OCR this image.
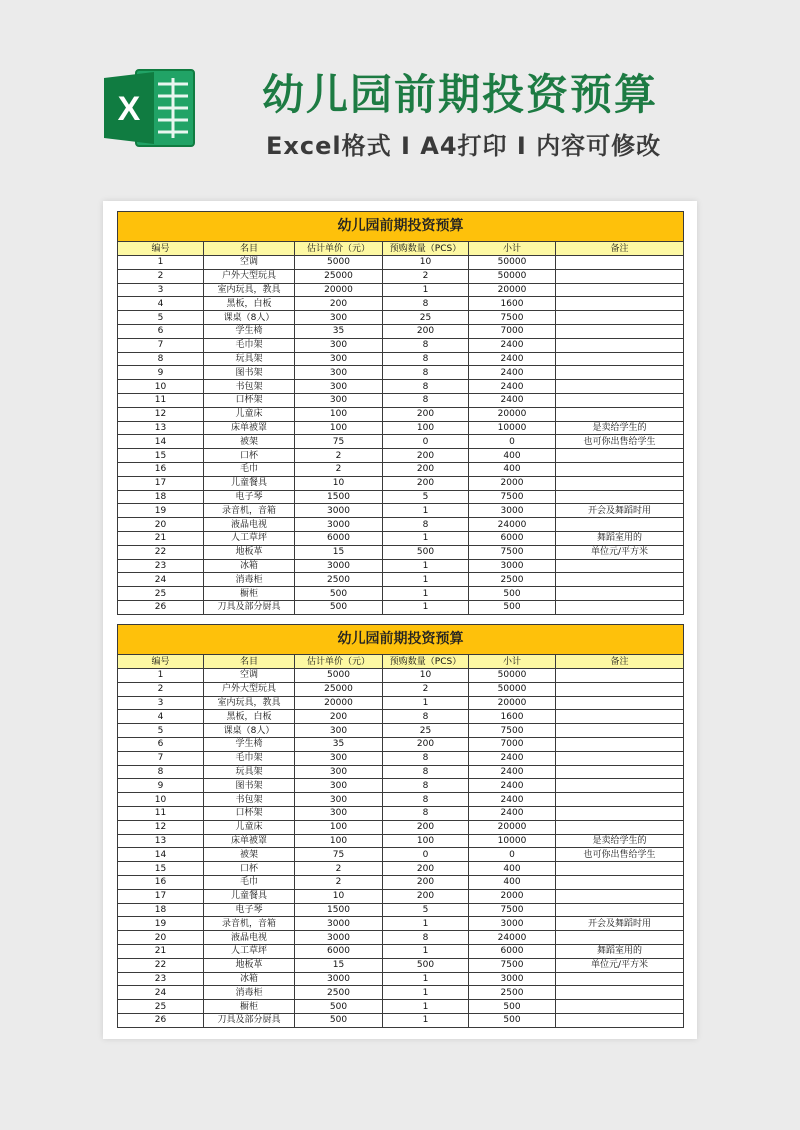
X	幼儿园前期投资预算
Excel格式 I A4打印 I 内容可修改
幼儿园前期投资预算					
编号	名目	估计单价（元）	预购数量（PCS）	小计	备注
1	空调	5000	10	50000	
2	户外大型玩具	25000	2	50000	
3	室内玩具，教具	20000	1	20000	
4	黑板，白板	200	8	1600	
5	课桌（8人）	300	25	7500	
6	学生椅	35	200	7000	
7	毛巾架	300	8	2400	
8	玩具架	300	8	2400	
9	图书架	300	8	2400	
10	书包架	300	8	2400	
11	口杯架	300	8	2400	
12	儿童床	100	200	20000	
13	床单被罩	100	100	10000	是卖给学生的
14	被架	75	0	0	也可你出售给学生
15	口杯	2	200	400	
16	毛巾	2	200	400	
17	儿童餐具	10	200	2000	
18	电子琴	1500	5	7500	
19	录音机，音箱	3000	1	3000	开会及舞蹈时用
20	液晶电视	3000	8	24000	
21	人工草坪	6000	1	6000	舞蹈室用的
22	地板革	15	500	7500	单位元/平方米
23	冰箱	3000	1	3000	
24	消毒柜	2500	1	2500	
25	橱柜	500	1	500	
26	刀具及部分厨具	500	1	500	
幼儿园前期投资预算					
编号	名目	估计单价（元）	预购数量（PCS）	小计	备注
1	空调	5000	10	50000	
2	户外大型玩具	25000	2	50000	
3	室内玩具，教具	20000	1	20000	
4	黑板，白板	200	8	1600	
5	课桌（8人）	300	25	7500	
6	学生椅	35	200	7000	
7	毛巾架	300	8	2400	
8	玩具架	300	8	2400	
9	图书架	300	8	2400	
10	书包架	300	8	2400	
11	口杯架	300	8	2400	
12	儿童床	100	200	20000	
13	床单被罩	100	100	10000	是卖给学生的
14	被架	75	0	0	也可你出售给学生
15	口杯	2	200	400	
16	毛巾	2	200	400	
17	儿童餐具	10	200	2000	
18	电子琴	1500	5	7500	
19	录音机，音箱	3000	1	3000	开会及舞蹈时用
20	液晶电视	3000	8	24000	
21	人工草坪	6000	1	6000	舞蹈室用的
22	地板革	15	500	7500	单位元/平方米
23	冰箱	3000	1	3000	
24	消毒柜	2500	1	2500	
25	橱柜	500	1	500	
26	刀具及部分厨具	500	1	500	
